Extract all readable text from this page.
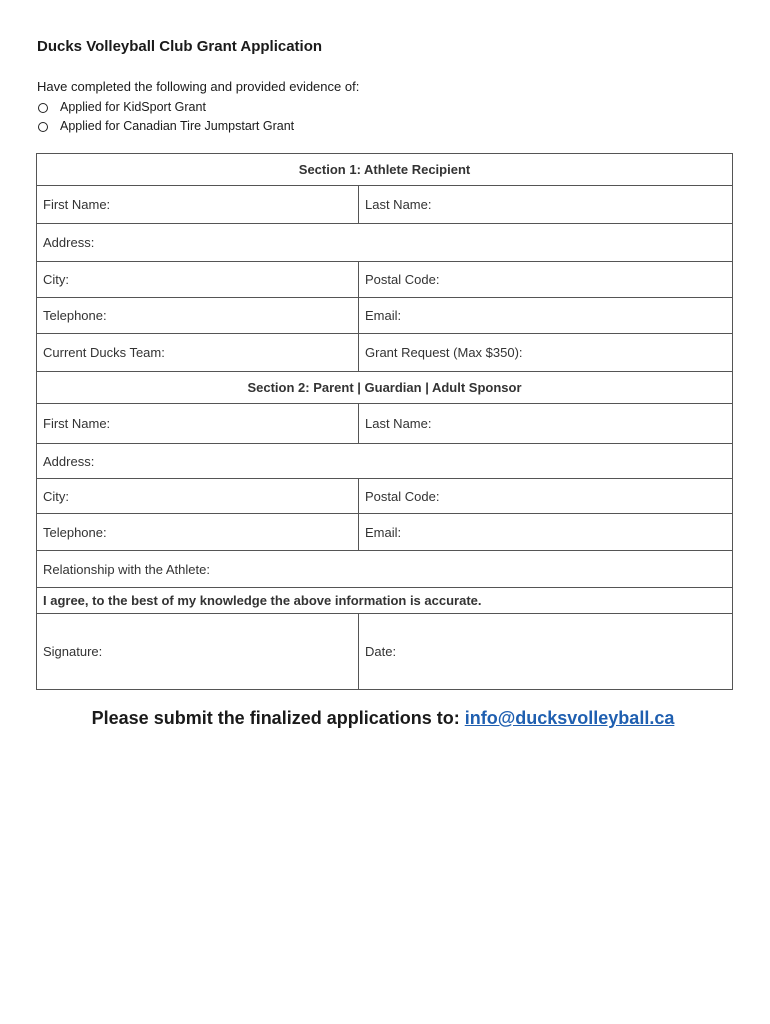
Ducks Volleyball Club Grant Application

Have completed the following and provided evidence of:

Applied for KidSport Grant
Applied for Canadian Tire Jumpstart Grant
Section 1: Athlete Recipient	
First Name:	Last Name:
Address:	
City:	Postal Code:
Telephone:	Email:
Current Ducks Team:	Grant Request (Max $350):
Section 2: Parent | Guardian | Adult Sponsor	
First Name:	Last Name:
Address:	
City:	Postal Code:
Telephone:	Email:
Relationship with the Athlete:	
I agree, to the best of my knowledge the above information is accurate.	
Signature:	Date:

Please submit the finalized applications to: info@ducksvolleyball.ca
